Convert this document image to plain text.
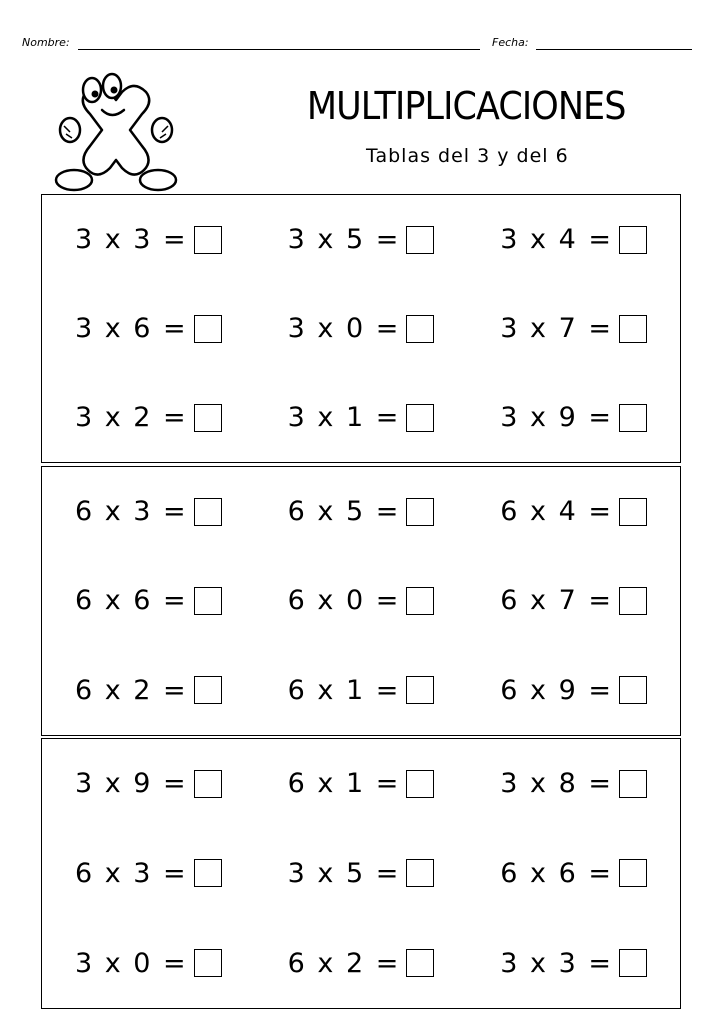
Nombre:	Fecha:
MULTIPLICACIONES
Tablas del 3 y del 6
3 x 3 =	3 x 5 =	3 x 4 =
3 x 6 =	3 x 0 =	3 x 7 =
3 x 2 =	3 x 1 =	3 x 9 =
6 x 3 =	6 x 5 =	6 x 4 =
6 x 6 =	6 x 0 =	6 x 7 =
6 x 2 =	6 x 1 =	6 x 9 =
3 x 9 =	6 x 1 =	3 x 8 =
6 x 3 =	3 x 5 =	6 x 6 =
3 x 0 =	6 x 2 =	3 x 3 =
